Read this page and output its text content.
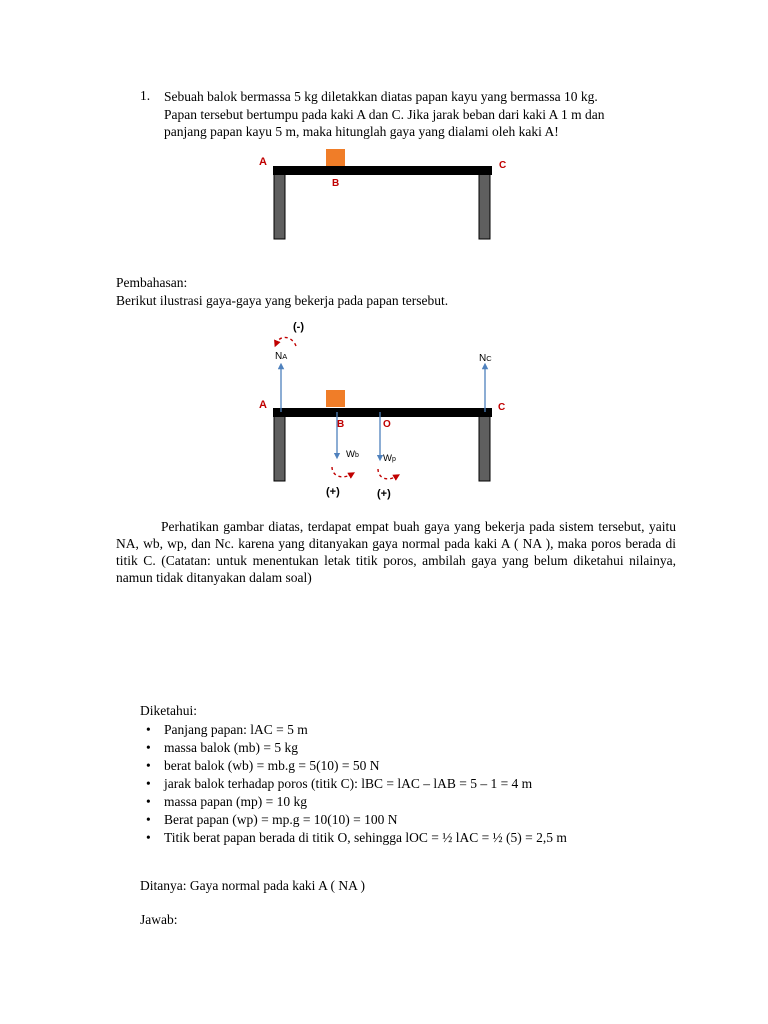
1. Sebuah balok bermassa 5 kg diletakkan diatas papan kayu yang bermassa 10 kg.
Papan tersebut bertumpu pada kaki A dan C. Jika jarak beban dari kaki A 1 m dan
panjang papan kayu 5 m, maka hitunglah gaya yang dialami oleh kaki A!
A
B
C
Pembahasan:
Berikut ilustrasi gaya-gaya yang bekerja pada papan tersebut.
(-)
NA	NC
A	C
B	O
Wb	Wp
(+)	(+)
Perhatikan gambar diatas, terdapat empat buah gaya yang bekerja pada sistem tersebut, yaitu NA, wb, wp, dan Nc. karena yang ditanyakan gaya normal pada kaki A ( NA ), maka poros berada di titik C. (Catatan: untuk menentukan letak titik poros, ambilah gaya yang belum diketahui nilainya, namun tidak ditanyakan dalam soal)
Diketahui:
• Panjang papan: lAC = 5 m
• massa balok (mb) = 5 kg
• berat balok (wb) = mb.g = 5(10) = 50 N
• jarak balok terhadap poros (titik C): lBC = lAC – lAB = 5 – 1 = 4 m
• massa papan (mp) = 10 kg
• Berat papan (wp) = mp.g = 10(10) = 100 N
• Titik berat papan berada di titik O, sehingga lOC = ½ lAC = ½ (5) = 2,5 m
Ditanya: Gaya normal pada kaki A ( NA )
Jawab:
